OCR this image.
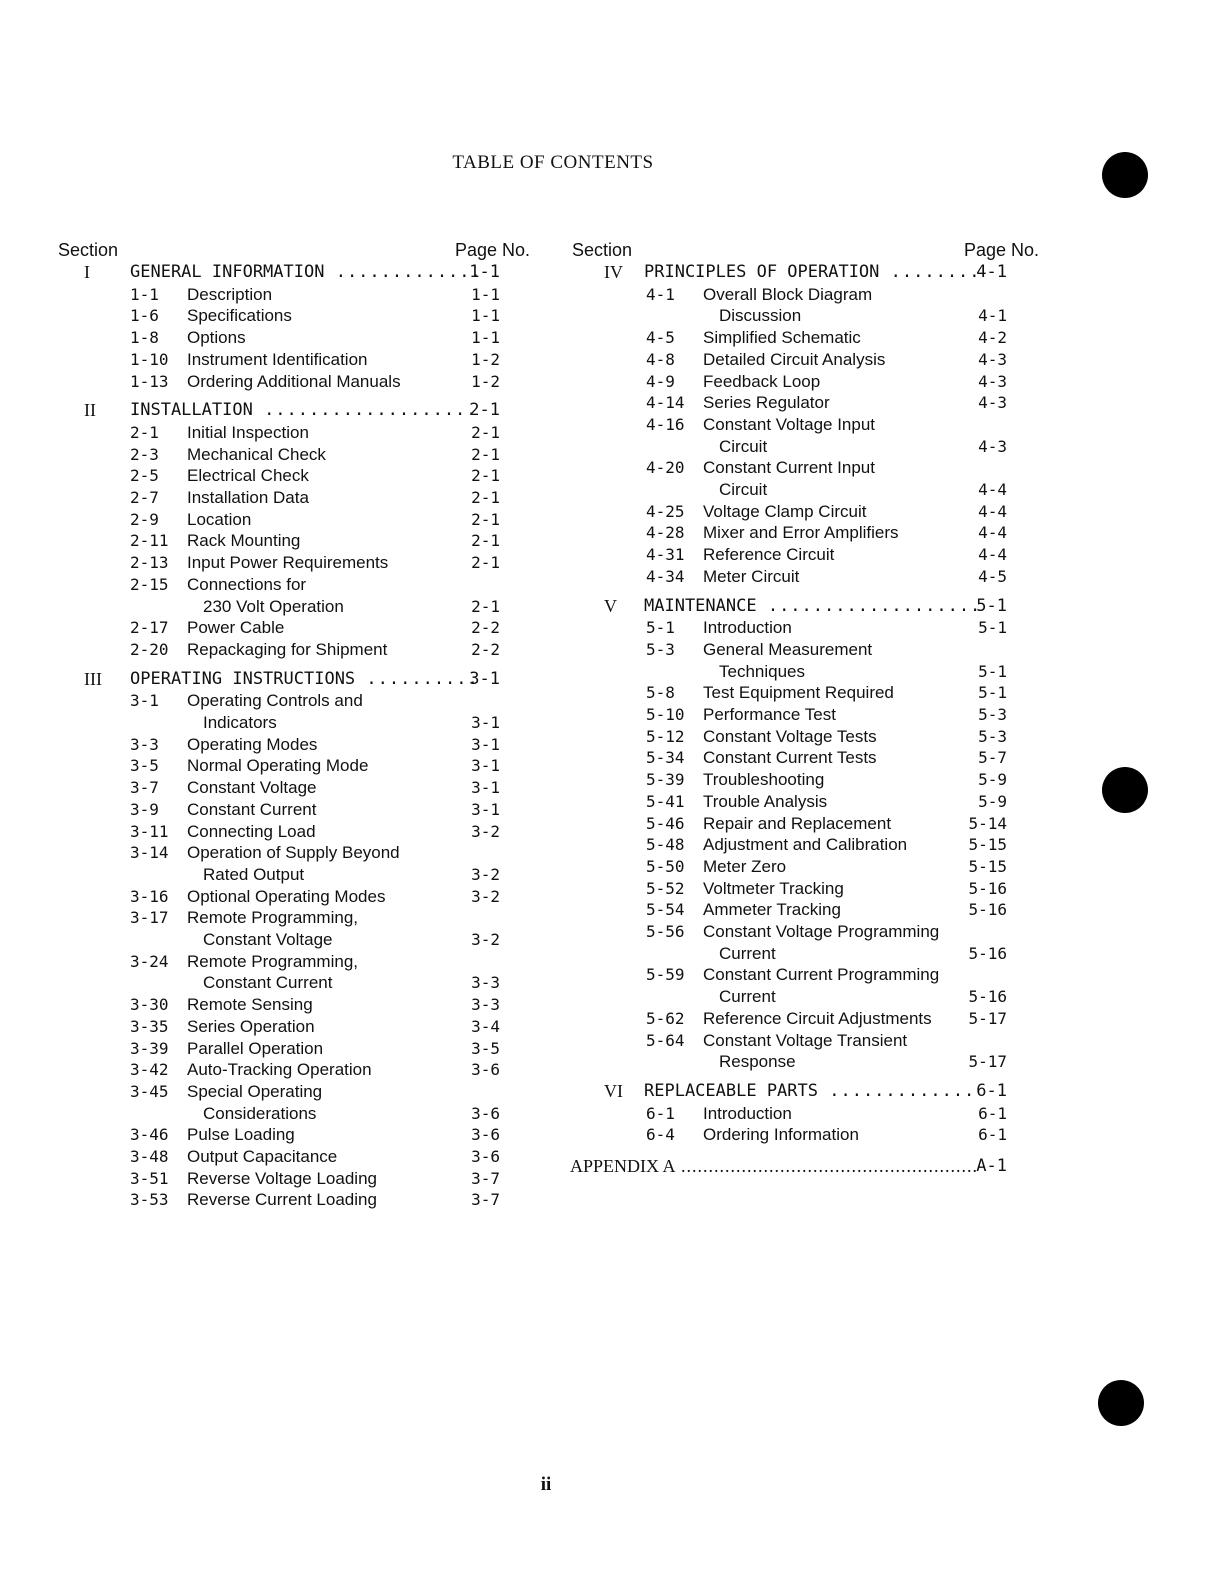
TABLE OF CONTENTS
Section	Page No.
I	GENERAL INFORMATION .....	1-1
1-1 Description	1-1
1-6 Specifications	1-1
1-8 Options	1-1
1-10 Instrument Identification	1-2
1-13 Ordering Additional Manuals	1-2
II	INSTALLATION .....	2-1
2-1 Initial Inspection	2-1
2-3 Mechanical Check	2-1
2-5 Electrical Check	2-1
2-7 Installation Data	2-1
2-9 Location	2-1
2-11 Rack Mounting	2-1
2-13 Input Power Requirements	2-1
2-15 Connections for
230 Volt Operation	2-1
2-17 Power Cable	2-2
2-20 Repackaging for Shipment	2-2
III	OPERATING INSTRUCTIONS .....	3-1
3-1 Operating Controls and
Indicators	3-1
3-3 Operating Modes	3-1
3-5 Normal Operating Mode	3-1
3-7 Constant Voltage	3-1
3-9 Constant Current	3-1
3-11 Connecting Load	3-2
3-14 Operation of Supply Beyond
Rated Output	3-2
3-16 Optional Operating Modes	3-2
3-17 Remote Programming,
Constant Voltage	3-2
3-24 Remote Programming,
Constant Current	3-3
3-30 Remote Sensing	3-3
3-35 Series Operation	3-4
3-39 Parallel Operation	3-5
3-42 Auto-Tracking Operation	3-6
3-45 Special Operating
Considerations	3-6
3-46 Pulse Loading	3-6
3-48 Output Capacitance	3-6
3-51 Reverse Voltage Loading	3-7
3-53 Reverse Current Loading	3-7
Section	Page No.
IV	PRINCIPLES OF OPERATION .....	4-1
4-1 Overall Block Diagram
Discussion	4-1
4-5 Simplified Schematic	4-2
4-8 Detailed Circuit Analysis	4-3
4-9 Feedback Loop	4-3
4-14 Series Regulator	4-3
4-16 Constant Voltage Input
Circuit	4-3
4-20 Constant Current Input
Circuit	4-4
4-25 Voltage Clamp Circuit	4-4
4-28 Mixer and Error Amplifiers	4-4
4-31 Reference Circuit	4-4
4-34 Meter Circuit	4-5
V	MAINTENANCE .....	5-1
5-1 Introduction	5-1
5-3 General Measurement
Techniques	5-1
5-8 Test Equipment Required	5-1
5-10 Performance Test	5-3
5-12 Constant Voltage Tests	5-3
5-34 Constant Current Tests	5-7
5-39 Troubleshooting	5-9
5-41 Trouble Analysis	5-9
5-46 Repair and Replacement	5-14
5-48 Adjustment and Calibration	5-15
5-50 Meter Zero	5-15
5-52 Voltmeter Tracking	5-16
5-54 Ammeter Tracking	5-16
5-56 Constant Voltage Programming
Current	5-16
5-59 Constant Current Programming
Current	5-16
5-62 Reference Circuit Adjustments	5-17
5-64 Constant Voltage Transient
Response	5-17
VI	REPLACEABLE PARTS .....	6-1
6-1 Introduction	6-1
6-4 Ordering Information	6-1
APPENDIX A .....	A-1
ii
